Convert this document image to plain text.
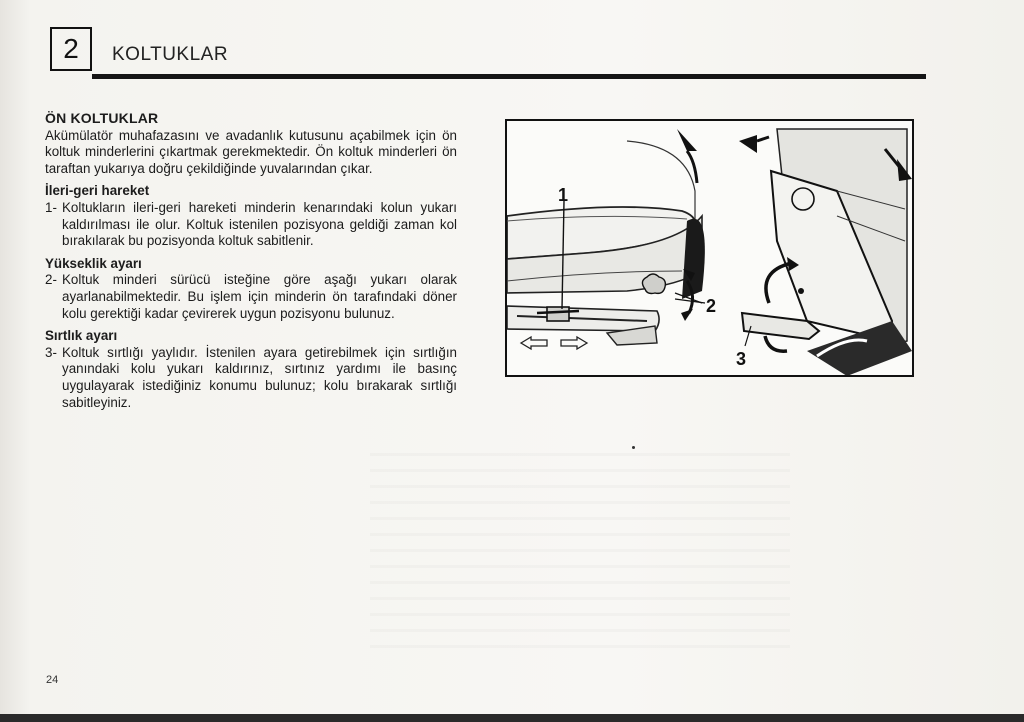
2 KOLTUKLAR

ÖN KOLTUKLAR

Akümülatör muhafazasını ve avadanlık kutusunu açabilmek için ön koltuk minderlerini çıkartmak gerekmektedir. Ön koltuk minderleri ön taraftan yukarıya doğru çekildiğinde yuvalarından çıkar.

İleri-geri hareket

1- Koltukların ileri-geri hareketi minderin kenarındaki kolun yukarı kaldırılması ile olur. Koltuk istenilen pozisyona geldiği zaman kol bırakılarak bu pozisyonda koltuk sabitlenir.

Yükseklik ayarı

2- Koltuk minderi sürücü isteğine göre aşağı yukarı olarak ayarlanabilmektedir. Bu işlem için minderin ön tarafındaki döner kolu gerektiği kadar çevirerek uygun pozisyonu bulunuz.

Sırtlık ayarı

3- Koltuk sırtlığı yaylıdır. İstenilen ayara getirebilmek için sırtlığın yanındaki kolu yukarı kaldırınız, sırtınız yardımı ile basınç uygulayarak istediğiniz konumu bulunuz; kolu bırakarak sırtlığı sabitleyiniz.
1
2
3
24
